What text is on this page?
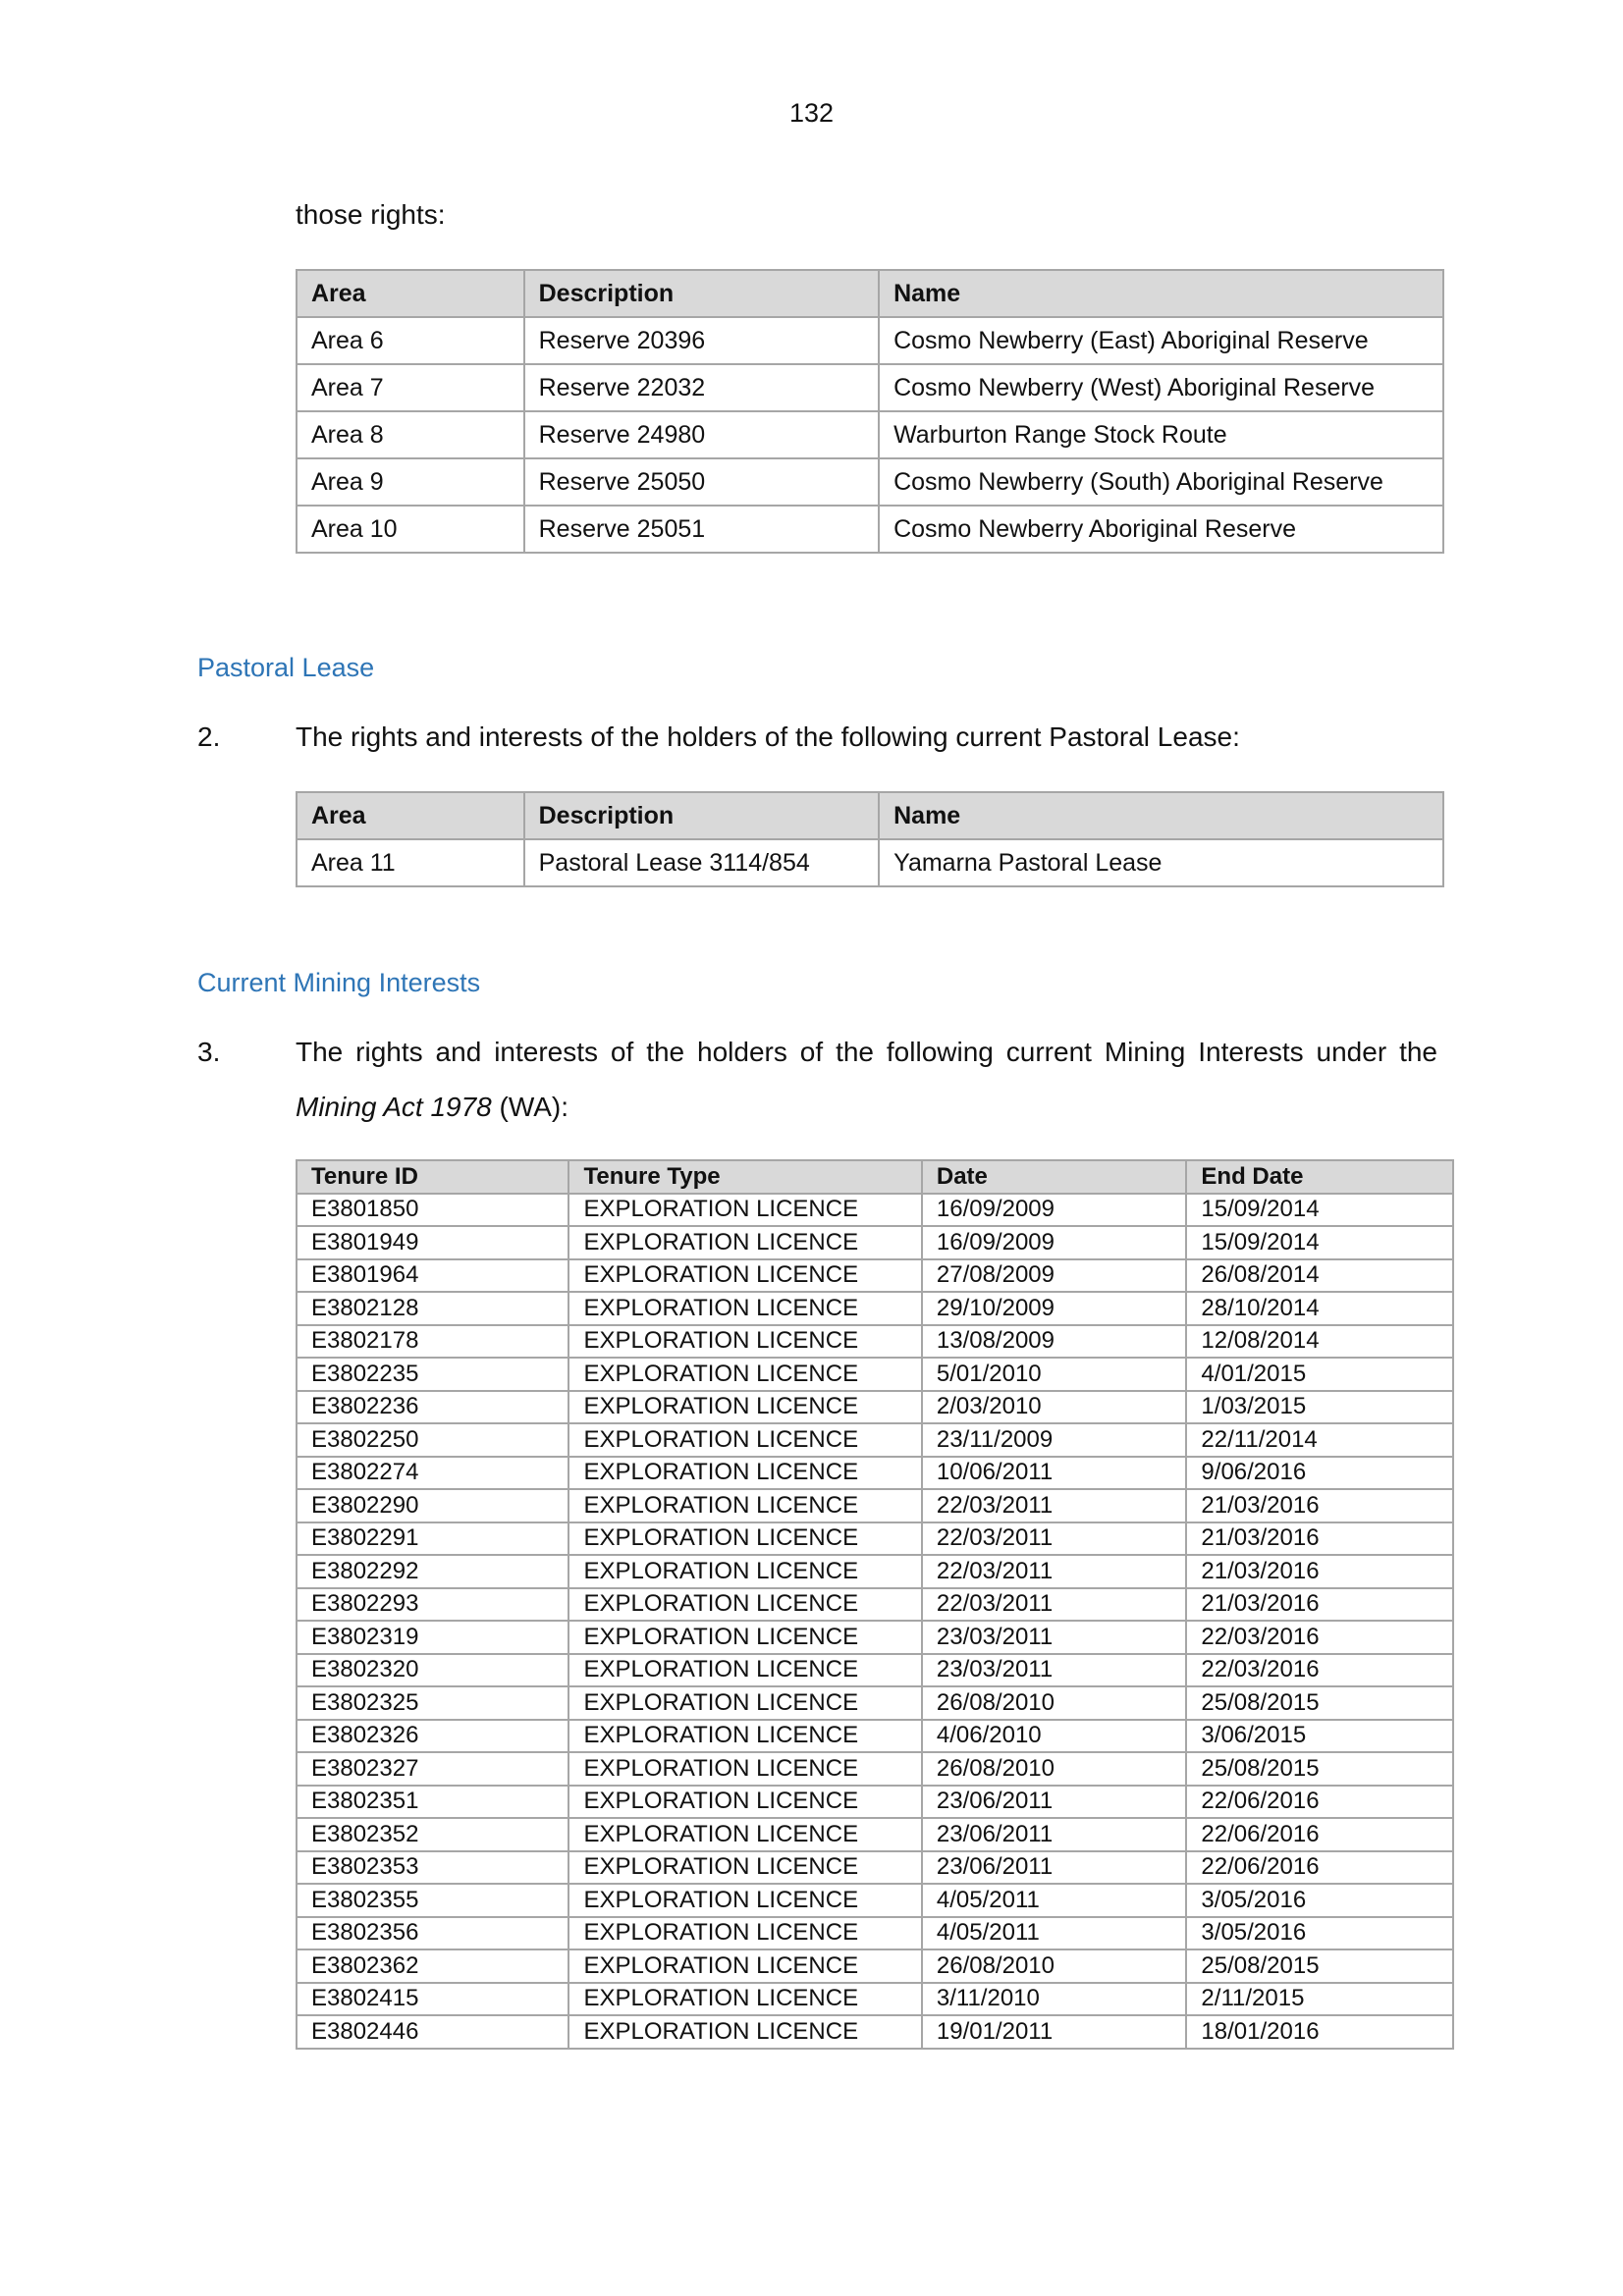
132
those rights:
Area	Description	Name
Area 6	Reserve 20396	Cosmo Newberry (East) Aboriginal Reserve
Area 7	Reserve 22032	Cosmo Newberry (West) Aboriginal Reserve
Area 8	Reserve 24980	Warburton Range Stock Route
Area 9	Reserve 25050	Cosmo Newberry (South) Aboriginal Reserve
Area 10	Reserve 25051	Cosmo Newberry Aboriginal Reserve
Pastoral Lease
2.	The rights and interests of the holders of the following current Pastoral Lease:
Area	Description	Name
Area 11	Pastoral Lease 3114/854	Yamarna Pastoral Lease
Current Mining Interests
3.	The rights and interests of the holders of the following current Mining Interests under the
Mining Act 1978 (WA):
Tenure ID	Tenure Type	Date	End Date
E3801850	EXPLORATION LICENCE	16/09/2009	15/09/2014
E3801949	EXPLORATION LICENCE	16/09/2009	15/09/2014
E3801964	EXPLORATION LICENCE	27/08/2009	26/08/2014
E3802128	EXPLORATION LICENCE	29/10/2009	28/10/2014
E3802178	EXPLORATION LICENCE	13/08/2009	12/08/2014
E3802235	EXPLORATION LICENCE	5/01/2010	4/01/2015
E3802236	EXPLORATION LICENCE	2/03/2010	1/03/2015
E3802250	EXPLORATION LICENCE	23/11/2009	22/11/2014
E3802274	EXPLORATION LICENCE	10/06/2011	9/06/2016
E3802290	EXPLORATION LICENCE	22/03/2011	21/03/2016
E3802291	EXPLORATION LICENCE	22/03/2011	21/03/2016
E3802292	EXPLORATION LICENCE	22/03/2011	21/03/2016
E3802293	EXPLORATION LICENCE	22/03/2011	21/03/2016
E3802319	EXPLORATION LICENCE	23/03/2011	22/03/2016
E3802320	EXPLORATION LICENCE	23/03/2011	22/03/2016
E3802325	EXPLORATION LICENCE	26/08/2010	25/08/2015
E3802326	EXPLORATION LICENCE	4/06/2010	3/06/2015
E3802327	EXPLORATION LICENCE	26/08/2010	25/08/2015
E3802351	EXPLORATION LICENCE	23/06/2011	22/06/2016
E3802352	EXPLORATION LICENCE	23/06/2011	22/06/2016
E3802353	EXPLORATION LICENCE	23/06/2011	22/06/2016
E3802355	EXPLORATION LICENCE	4/05/2011	3/05/2016
E3802356	EXPLORATION LICENCE	4/05/2011	3/05/2016
E3802362	EXPLORATION LICENCE	26/08/2010	25/08/2015
E3802415	EXPLORATION LICENCE	3/11/2010	2/11/2015
E3802446	EXPLORATION LICENCE	19/01/2011	18/01/2016
